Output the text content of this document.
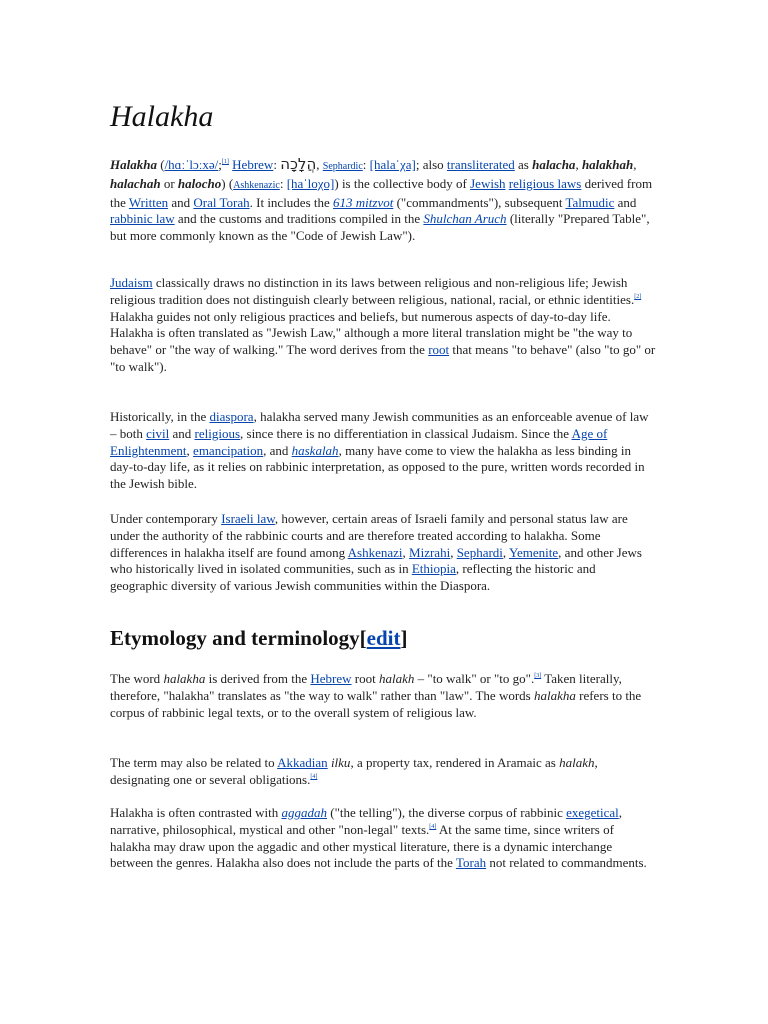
Halakha

Halakha (/hɑːˈlɔːxə/;[1] Hebrew: הֲלָכָה, Sephardic: [halaˈχa]; also transliterated as halacha, halakhah, halachah or halocho) (Ashkenazic: [haˈloχo]) is the collective body of Jewish religious laws derived from the Written and Oral Torah. It includes the 613 mitzvot ("commandments"), subsequent Talmudic and rabbinic law and the customs and traditions compiled in the Shulchan Aruch (literally "Prepared Table", but more commonly known as the "Code of Jewish Law").

Judaism classically draws no distinction in its laws between religious and non-religious life; Jewish religious tradition does not distinguish clearly between religious, national, racial, or ethnic identities.[2] Halakha guides not only religious practices and beliefs, but numerous aspects of day-to-day life. Halakha is often translated as "Jewish Law," although a more literal translation might be "the way to behave" or "the way of walking." The word derives from the root that means "to behave" (also "to go" or "to walk").

Historically, in the diaspora, halakha served many Jewish communities as an enforceable avenue of law – both civil and religious, since there is no differentiation in classical Judaism. Since the Age of Enlightenment, emancipation, and haskalah, many have come to view the halakha as less binding in day-to-day life, as it relies on rabbinic interpretation, as opposed to the pure, written words recorded in the Jewish bible.

Under contemporary Israeli law, however, certain areas of Israeli family and personal status law are under the authority of the rabbinic courts and are therefore treated according to halakha. Some differences in halakha itself are found among Ashkenazi, Mizrahi, Sephardi, Yemenite, and other Jews who historically lived in isolated communities, such as in Ethiopia, reflecting the historic and geographic diversity of various Jewish communities within the Diaspora.

Etymology and terminology[edit]

The word halakha is derived from the Hebrew root halakh – "to walk" or "to go".[3] Taken literally, therefore, "halakha" translates as "the way to walk" rather than "law". The words halakha refers to the corpus of rabbinic legal texts, or to the overall system of religious law.

The term may also be related to Akkadian ilku, a property tax, rendered in Aramaic as halakh, designating one or several obligations.[4]

Halakha is often contrasted with aggadah ("the telling"), the diverse corpus of rabbinic exegetical, narrative, philosophical, mystical and other "non-legal" texts.[4] At the same time, since writers of halakha may draw upon the aggadic and other mystical literature, there is a dynamic interchange between the genres. Halakha also does not include the parts of the Torah not related to commandments.
